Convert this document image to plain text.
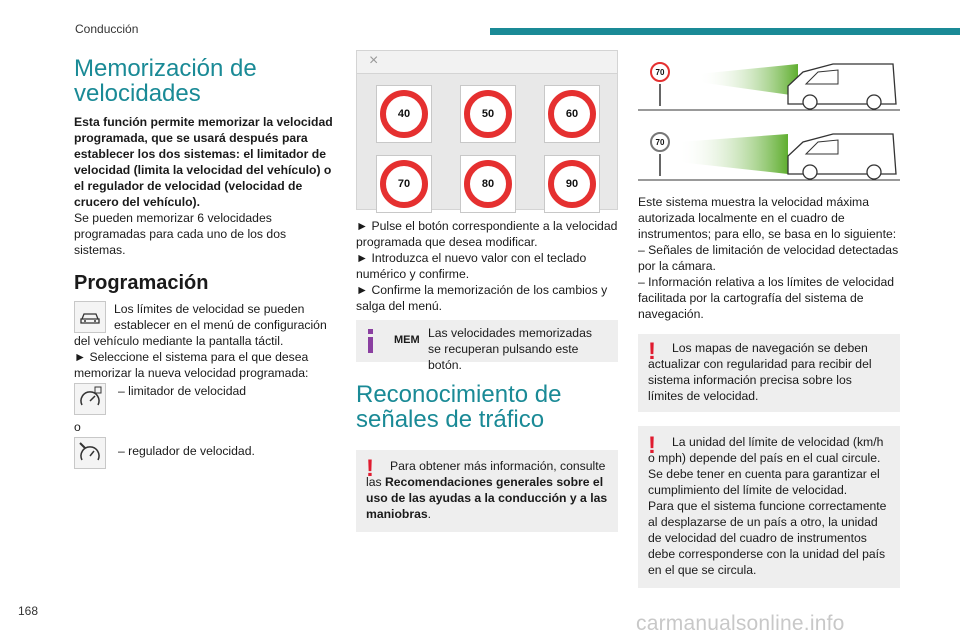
Conducción
Memorización de velocidades

Esta función permite memorizar la velocidad programada, que se usará después para establecer los dos sistemas: el limitador de velocidad (limita la velocidad del vehículo) o el regulador de velocidad (velocidad de crucero del vehículo).

Se pueden memorizar 6 velocidades programadas para cada uno de los dos sistemas.

Programación

Los límites de velocidad se pueden establecer en el menú de configuración del vehículo mediante la pantalla táctil.

► Seleccione el sistema para el que desea memorizar la nueva velocidad programada:

– limitador de velocidad

o

– regulador de velocidad.

×
40	50	60
70	80	90

► Pulse el botón correspondiente a la velocidad programada que desea modificar.

► Introduzca el nuevo valor con el teclado numérico y confirme.

► Confirme la memorización de los cambios y salga del menú.

MEM Las velocidades memorizadas se recuperan pulsando este botón.

Reconocimiento de señales de tráfico
!	Para obtener más información, consulte las Recomendaciones generales sobre el uso de las ayudas a la conducción y a las maniobras.

70
70

Este sistema muestra la velocidad máxima autorizada localmente en el cuadro de instrumentos; para ello, se basa en lo siguiente:

– Señales de limitación de velocidad detectadas por la cámara.

– Información relativa a los límites de velocidad facilitada por la cartografía del sistema de navegación.

!	Los mapas de navegación se deben actualizar con regularidad para recibir del sistema información precisa sobre los límites de velocidad.

!	La unidad del límite de velocidad (km/h o mph) depende del país en el cual circule. Se debe tener en cuenta para garantizar el cumplimiento del límite de velocidad.

Para que el sistema funcione correctamente al desplazarse de un país a otro, la unidad de velocidad del cuadro de instrumentos debe corresponderse con la unidad del país en el que se circula.

168
carmanualsonline.info
